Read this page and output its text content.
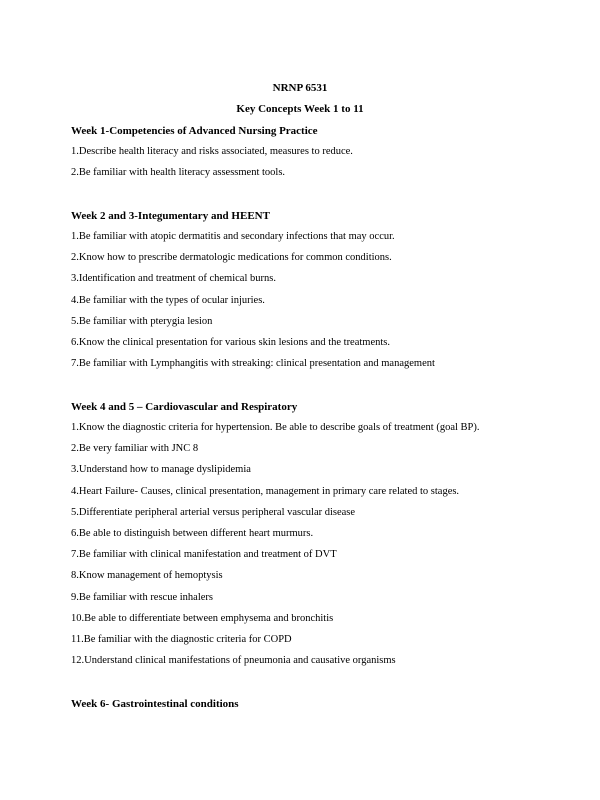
NRNP 6531
Key Concepts Week 1 to 11
Week 1-Competencies of Advanced Nursing Practice
1.Describe health literacy and risks associated, measures to reduce.
2.Be familiar with health literacy assessment tools.
Week 2 and 3-Integumentary and HEENT
1.Be familiar with atopic dermatitis and secondary infections that may occur.
2.Know how to prescribe dermatologic medications for common conditions.
3.Identification and treatment of chemical burns.
4.Be familiar with the types of ocular injuries.
5.Be familiar with pterygia lesion
6.Know the clinical presentation for various skin lesions and the treatments.
7.Be familiar with Lymphangitis with streaking: clinical presentation and management
Week 4 and 5 – Cardiovascular and Respiratory
1.Know the diagnostic criteria for hypertension. Be able to describe goals of treatment (goal BP).
2.Be very familiar with JNC 8
3.Understand how to manage dyslipidemia
4.Heart Failure- Causes, clinical presentation, management in primary care related to stages.
5.Differentiate peripheral arterial versus peripheral vascular disease
6.Be able to distinguish between different heart murmurs.
7.Be familiar with clinical manifestation and treatment of DVT
8.Know management of hemoptysis
9.Be familiar with rescue inhalers
10.Be able to differentiate between emphysema and bronchitis
11.Be familiar with the diagnostic criteria for COPD
12.Understand clinical manifestations of pneumonia and causative organisms
Week 6- Gastrointestinal conditions
